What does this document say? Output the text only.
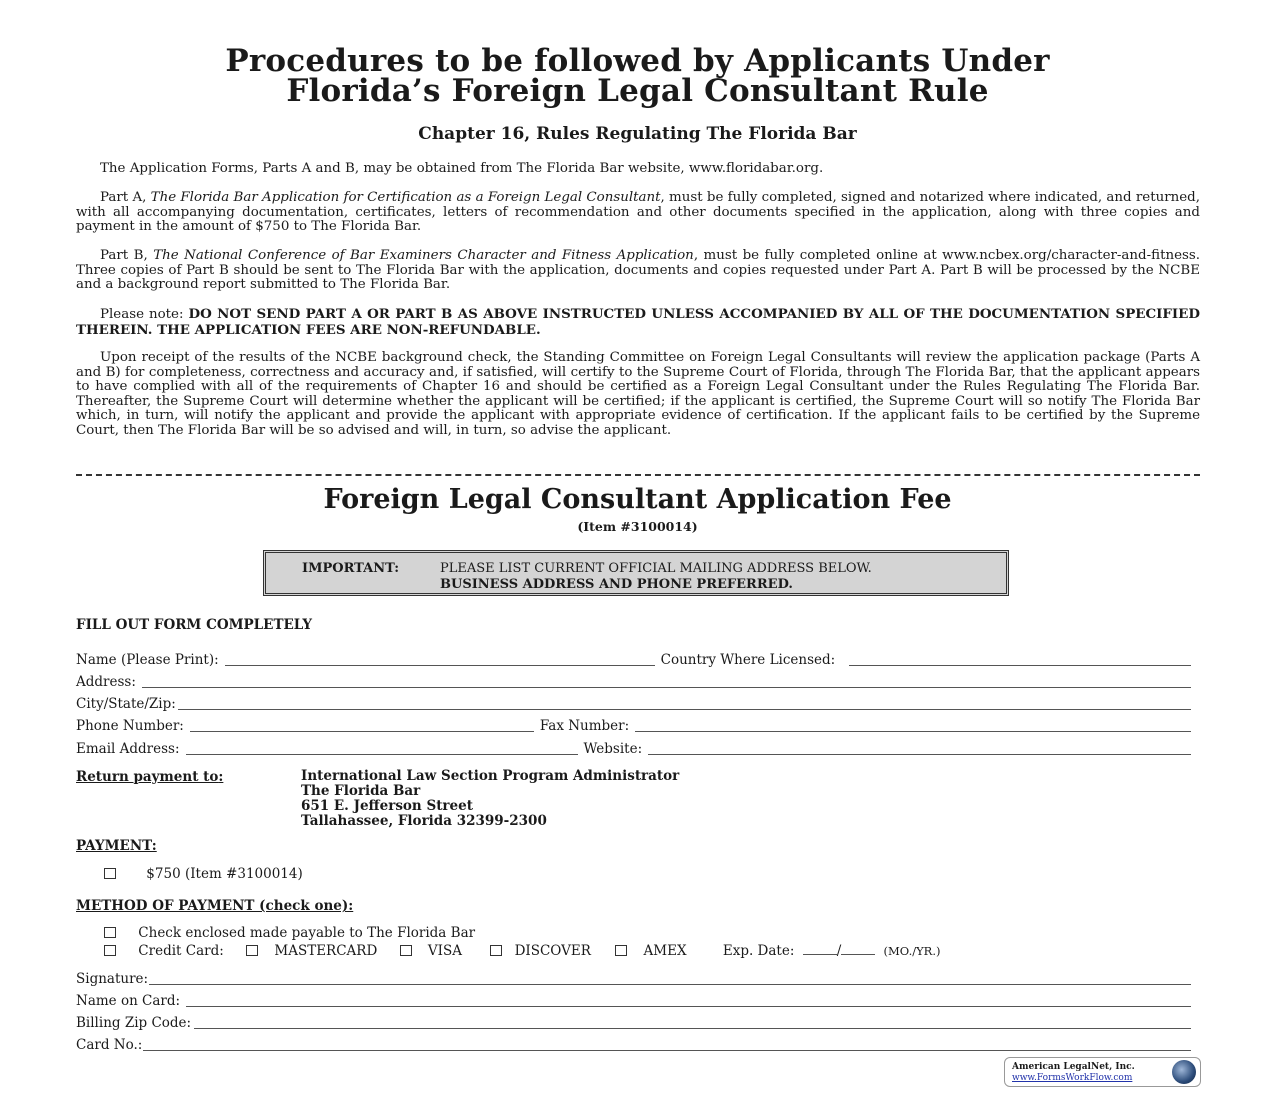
Procedures to be followed by Applicants Under
Florida’s Foreign Legal Consultant Rule
Chapter 16, Rules Regulating The Florida Bar
The Application Forms, Parts A and B, may be obtained from The Florida Bar website, www.floridabar.org.
Part A, The Florida Bar Application for Certification as a Foreign Legal Consultant, must be fully completed, signed and notarized where indicated, and returned, with all accompanying documentation, certificates, letters of recommendation and other documents specified in the application, along with three copies and payment in the amount of $750 to The Florida Bar.
Part B, The National Conference of Bar Examiners Character and Fitness Application, must be fully completed online at www.ncbex.org/character-and-fitness. Three copies of Part B should be sent to The Florida Bar with the application, documents and copies requested under Part A. Part B will be processed by the NCBE and a background report submitted to The Florida Bar.
Please note: DO NOT SEND PART A OR PART B AS ABOVE INSTRUCTED UNLESS ACCOMPANIED BY ALL OF THE DOCUMENTATION SPECIFIED THEREIN. THE APPLICATION FEES ARE NON-REFUNDABLE.
Upon receipt of the results of the NCBE background check, the Standing Committee on Foreign Legal Consultants will review the application package (Parts A and B) for completeness, correctness and accuracy and, if satisfied, will certify to the Supreme Court of Florida, through The Florida Bar, that the applicant appears to have complied with all of the requirements of Chapter 16 and should be certified as a Foreign Legal Consultant under the Rules Regulating The Florida Bar. Thereafter, the Supreme Court will determine whether the applicant will be certified; if the applicant is certified, the Supreme Court will so notify The Florida Bar which, in turn, will notify the applicant and provide the applicant with appropriate evidence of certification. If the applicant fails to be certified by the Supreme Court, then The Florida Bar will be so advised and will, in turn, so advise the applicant.
Foreign Legal Consultant Application Fee
(Item #3100014)
IMPORTANT:	PLEASE LIST CURRENT OFFICIAL MAILING ADDRESS BELOW.
BUSINESS ADDRESS AND PHONE PREFERRED.
FILL OUT FORM COMPLETELY
Name (Please Print):	Country Where Licensed:
Address:
City/State/Zip:
Phone Number:	Fax Number:
Email Address:	Website:
Return payment to:	International Law Section Program Administrator
The Florida Bar
651 E. Jefferson Street
Tallahassee, Florida 32399-2300
PAYMENT:
$750 (Item #3100014)
METHOD OF PAYMENT (check one):
Check enclosed made payable to The Florida Bar
Credit Card:	MASTERCARD	VISA	DISCOVER	AMEX	Exp. Date:	/	(MO./YR.)
Signature:
Name on Card:
Billing Zip Code:
Card No.:
American LegalNet, Inc.
www.FormsWorkFlow.com
